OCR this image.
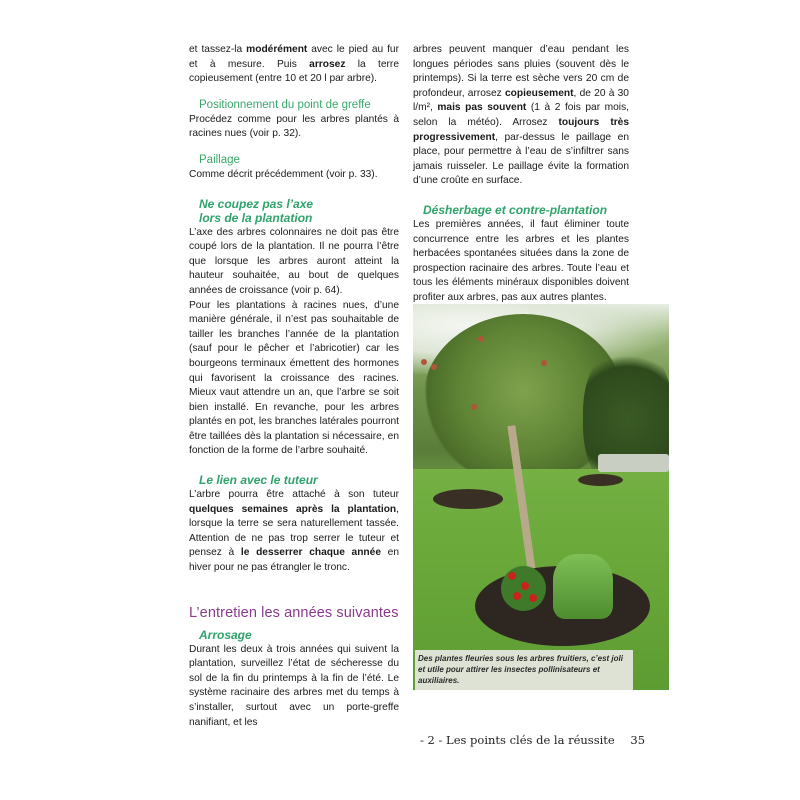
et tassez-la modérément avec le pied au fur et à mesure. Puis arrosez la terre copieusement (entre 10 et 20 l par arbre).

Positionnement du point de greffe

Procédez comme pour les arbres plantés à racines nues (voir p. 32).

Paillage

Comme décrit précédemment (voir p. 33).

Ne coupez pas l’axe
lors de la plantation

L’axe des arbres colonnaires ne doit pas être coupé lors de la plantation. Il ne pourra l’être que lorsque les arbres auront atteint la hauteur souhaitée, au bout de quelques années de croissance (voir p. 64).

Pour les plantations à racines nues, d’une manière générale, il n’est pas souhaitable de tailler les branches l’année de la plantation (sauf pour le pêcher et l’abricotier) car les bourgeons terminaux émettent des hormones qui favorisent la croissance des racines. Mieux vaut attendre un an, que l’arbre se soit bien installé. En revanche, pour les arbres plantés en pot, les branches latérales pourront être taillées dès la plantation si nécessaire, en fonction de la forme de l’arbre souhaité.

Le lien avec le tuteur

L’arbre pourra être attaché à son tuteur quelques semaines après la plantation, lorsque la terre se sera naturellement tassée. Attention de ne pas trop serrer le tuteur et pensez à le desserrer chaque année en hiver pour ne pas étrangler le tronc.

L’entretien les années suivantes
Arrosage

Durant les deux à trois années qui suivent la plantation, surveillez l’état de sécheresse du sol de la fin du printemps à la fin de l’été. Le système racinaire des arbres met du temps à s’installer, surtout avec un porte-greffe nanifiant, et les

arbres peuvent manquer d’eau pendant les longues périodes sans pluies (souvent dès le printemps). Si la terre est sèche vers 20 cm de profondeur, arrosez copieusement, de 20 à 30 l/m², mais pas souvent (1 à 2 fois par mois, selon la météo). Arrosez toujours très progressivement, par-dessus le paillage en place, pour permettre à l’eau de s’infiltrer sans jamais ruisseler. Le paillage évite la formation d’une croûte en surface.

Désherbage et contre-plantation

Les premières années, il faut éliminer toute concurrence entre les arbres et les plantes herbacées spontanées situées dans la zone de prospection racinaire des arbres. Toute l’eau et tous les éléments minéraux disponibles doivent profiter aux arbres, pas aux autres plantes.

Des plantes fleuries sous les arbres fruitiers, c’est joli et utile pour attirer les insectes pollinisateurs et auxiliaires.
- 2 - Les points clés de la réussite 35
